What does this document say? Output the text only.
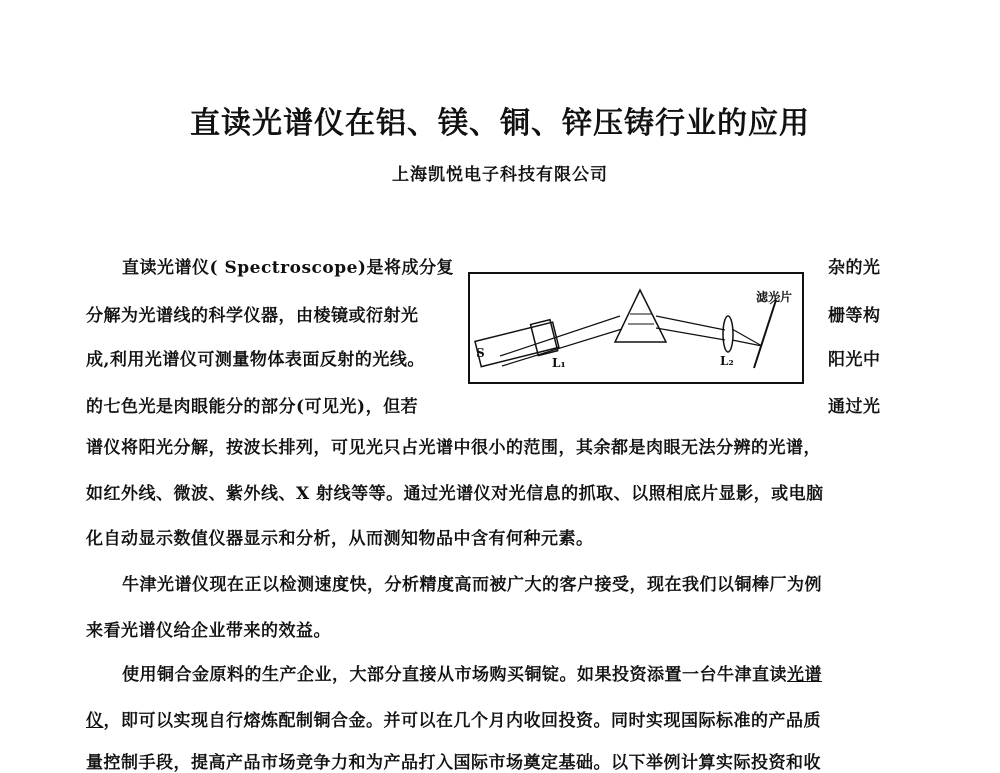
直读光谱仪在铝、镁、铜、锌压铸行业的应用
上海凯悦电子科技有限公司
直读光谱仪( Spectroscope)是将成分复
分解为光谱线的科学仪器，由棱镜或衍射光
成,利用光谱仪可测量物体表面反射的光线。
的七色光是肉眼能分的部分(可见光)，但若
杂的光
栅等构
阳光中
通过光
S
L₁	L₂
滤光片
谱仪将阳光分解，按波长排列，可见光只占光谱中很小的范围，其余都是肉眼无法分辨的光谱，
如红外线、微波、紫外线、X 射线等等。通过光谱仪对光信息的抓取、以照相底片显影，或电脑
化自动显示数值仪器显示和分析，从而测知物品中含有何种元素。
牛津光谱仪现在正以检测速度快，分析精度高而被广大的客户接受，现在我们以铜棒厂为例
来看光谱仪给企业带来的效益。
使用铜合金原料的生产企业，大部分直接从市场购买铜锭。如果投资添置一台牛津直读光谱
仪，即可以实现自行熔炼配制铜合金。并可以在几个月内收回投资。同时实现国际标准的产品质
量控制手段，提高产品市场竞争力和为产品打入国际市场奠定基础。以下举例计算实际投资和收
